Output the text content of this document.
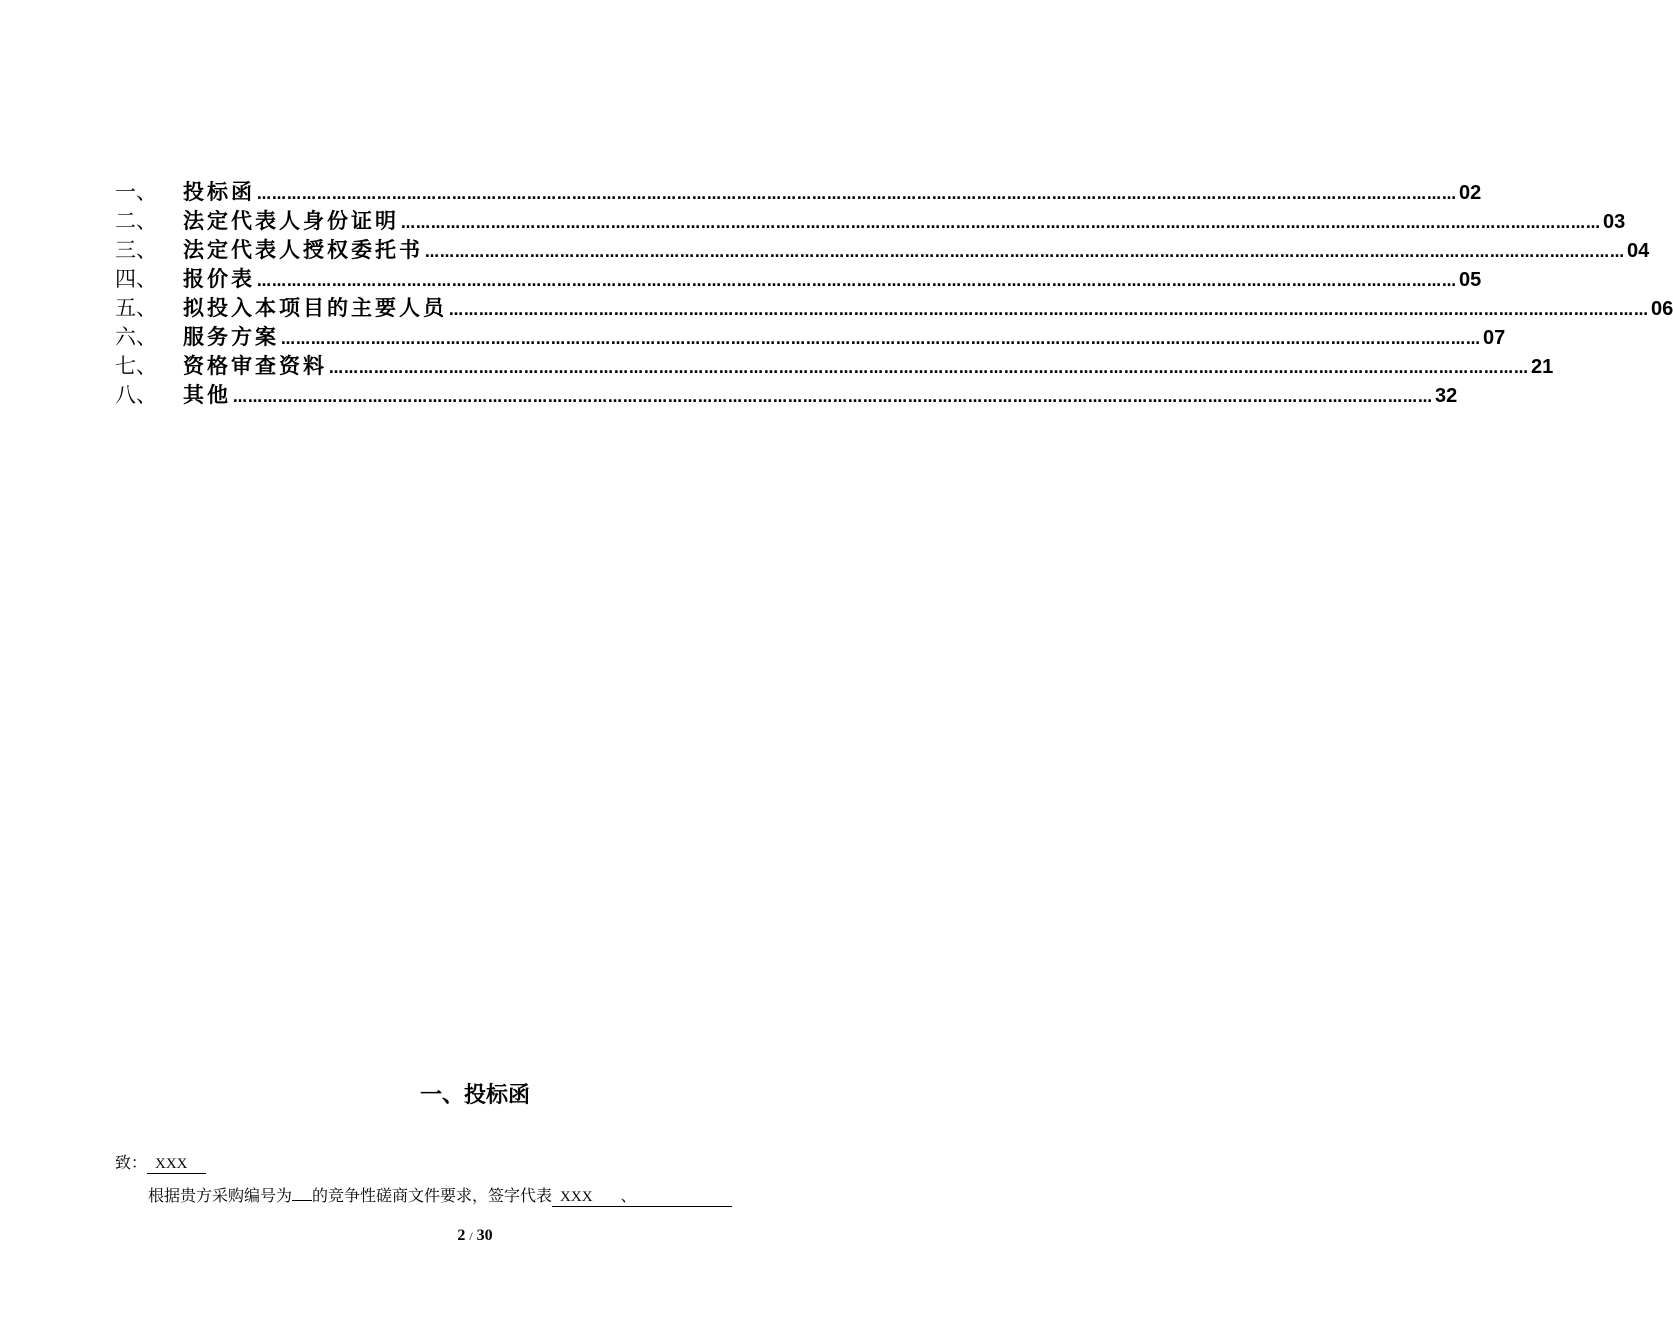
一、	投标函 …………………………………………………………………………………………………………………………………………………………………………………………………………………… 02
二、	法定代表人身份证明 …………………………………………………………………………………………………………………………………………………………………………………………………………………… 03
三、	法定代表人授权委托书 …………………………………………………………………………………………………………………………………………………………………………………………………………………… 04
四、	报价表 …………………………………………………………………………………………………………………………………………………………………………………………………………………… 05
五、	拟投入本项目的主要人员 …………………………………………………………………………………………………………………………………………………………………………………………………………………… 06
六、	服务方案 …………………………………………………………………………………………………………………………………………………………………………………………………………………… 07
七、	资格审查资料 …………………………………………………………………………………………………………………………………………………………………………………………………………………… 21
八、	其他 …………………………………………………………………………………………………………………………………………………………………………………………………………………… 32
一、投标函
致： XXX
根据贵方采购编号为 的竞争性磋商文件要求，签字代表 XXX 、
2 / 30
